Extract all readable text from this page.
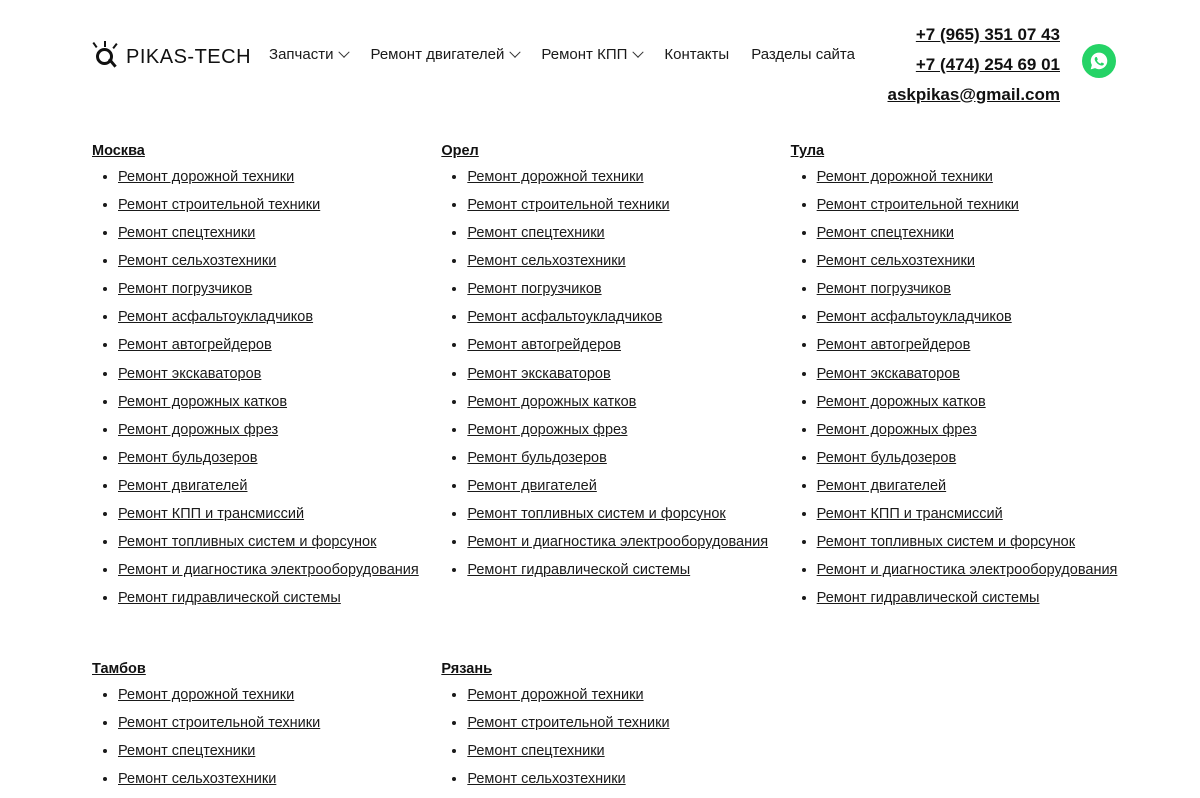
PIKAS-TECH Запчасти Ремонт двигателей Ремонт КПП Контакты Разделы сайта
+7 (965) 351 07 43
+7 (474) 254 69 01
askpikas@gmail.com
Москва
• Ремонт дорожной техники
• Ремонт строительной техники
• Ремонт спецтехники
• Ремонт сельхозтехники
• Ремонт погрузчиков
• Ремонт асфальтоукладчиков
• Ремонт автогрейдеров
• Ремонт экскаваторов
• Ремонт дорожных катков
• Ремонт дорожных фрез
• Ремонт бульдозеров
• Ремонт двигателей
• Ремонт КПП и трансмиссий
• Ремонт топливных систем и форсунок
• Ремонт и диагностика электрооборудования
• Ремонт гидравлической системы
Орел
• Ремонт дорожной техники
• Ремонт строительной техники
• Ремонт спецтехники
• Ремонт сельхозтехники
• Ремонт погрузчиков
• Ремонт асфальтоукладчиков
• Ремонт автогрейдеров
• Ремонт экскаваторов
• Ремонт дорожных катков
• Ремонт дорожных фрез
• Ремонт бульдозеров
• Ремонт двигателей
• Ремонт топливных систем и форсунок
• Ремонт и диагностика электрооборудования
• Ремонт гидравлической системы
Тула
• Ремонт дорожной техники
• Ремонт строительной техники
• Ремонт спецтехники
• Ремонт сельхозтехники
• Ремонт погрузчиков
• Ремонт асфальтоукладчиков
• Ремонт автогрейдеров
• Ремонт экскаваторов
• Ремонт дорожных катков
• Ремонт дорожных фрез
• Ремонт бульдозеров
• Ремонт двигателей
• Ремонт КПП и трансмиссий
• Ремонт топливных систем и форсунок
• Ремонт и диагностика электрооборудования
• Ремонт гидравлической системы
Тамбов
• Ремонт дорожной техники
• Ремонт строительной техники
• Ремонт спецтехники
• Ремонт сельхозтехники
Рязань
• Ремонт дорожной техники
• Ремонт строительной техники
• Ремонт спецтехники
• Ремонт сельхозтехники
